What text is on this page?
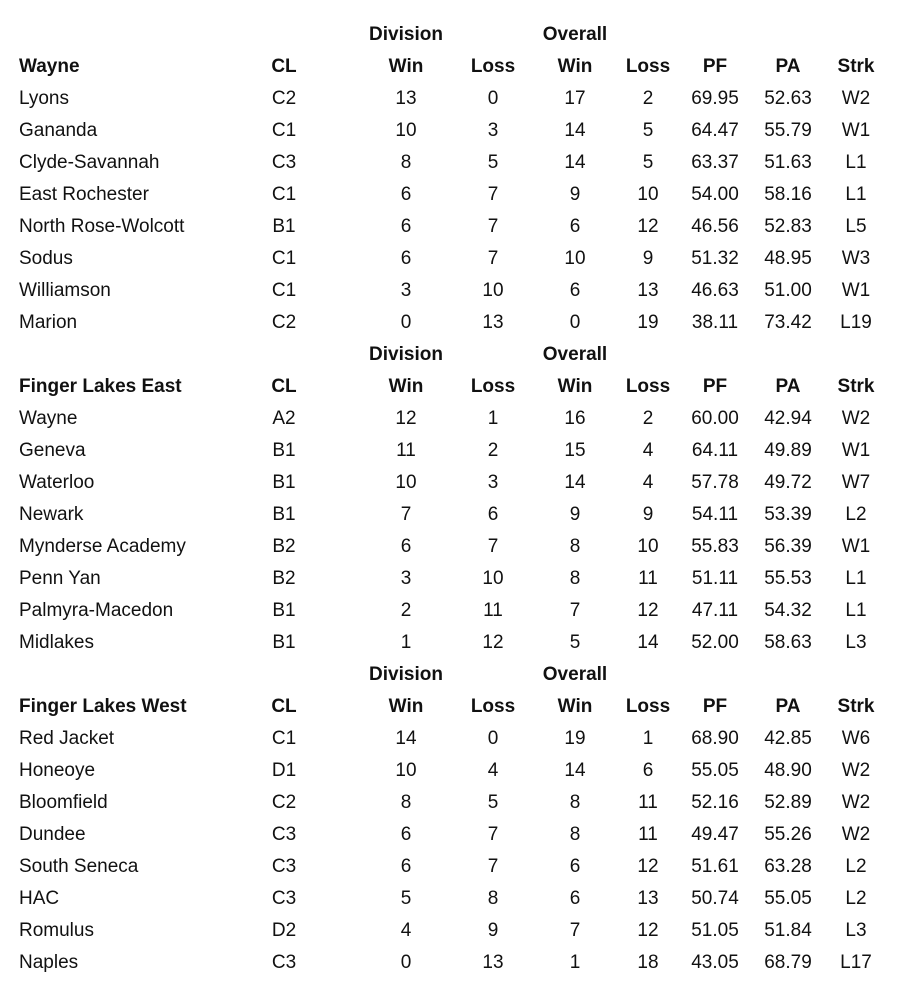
Division	Overall
Wayne	CL	Win	Loss	Win	Loss	PF	PA	Strk
Lyons	C2	13	0	17	2	69.95	52.63	W2
Gananda	C1	10	3	14	5	64.47	55.79	W1
Clyde-Savannah	C3	8	5	14	5	63.37	51.63	L1
East Rochester	C1	6	7	9	10	54.00	58.16	L1
North Rose-Wolcott	B1	6	7	6	12	46.56	52.83	L5
Sodus	C1	6	7	10	9	51.32	48.95	W3
Williamson	C1	3	10	6	13	46.63	51.00	W1
Marion	C2	0	13	0	19	38.11	73.42	L19
Division	Overall
Finger Lakes East	CL	Win	Loss	Win	Loss	PF	PA	Strk
Wayne	A2	12	1	16	2	60.00	42.94	W2
Geneva	B1	11	2	15	4	64.11	49.89	W1
Waterloo	B1	10	3	14	4	57.78	49.72	W7
Newark	B1	7	6	9	9	54.11	53.39	L2
Mynderse Academy	B2	6	7	8	10	55.83	56.39	W1
Penn Yan	B2	3	10	8	11	51.11	55.53	L1
Palmyra-Macedon	B1	2	11	7	12	47.11	54.32	L1
Midlakes	B1	1	12	5	14	52.00	58.63	L3
Division	Overall
Finger Lakes West	CL	Win	Loss	Win	Loss	PF	PA	Strk
Red Jacket	C1	14	0	19	1	68.90	42.85	W6
Honeoye	D1	10	4	14	6	55.05	48.90	W2
Bloomfield	C2	8	5	8	11	52.16	52.89	W2
Dundee	C3	6	7	8	11	49.47	55.26	W2
South Seneca	C3	6	7	6	12	51.61	63.28	L2
HAC	C3	5	8	6	13	50.74	55.05	L2
Romulus	D2	4	9	7	12	51.05	51.84	L3
Naples	C3	0	13	1	18	43.05	68.79	L17
